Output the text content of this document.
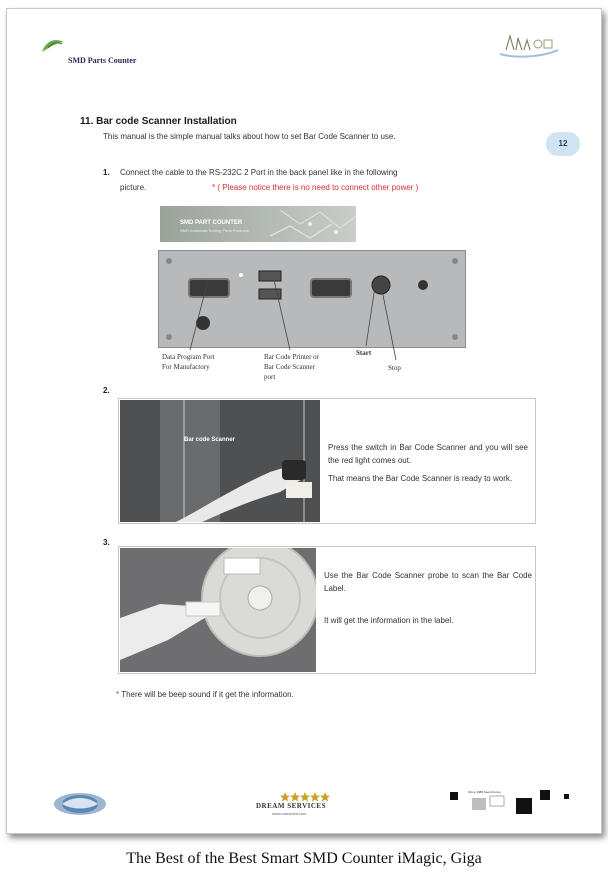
SMD Parts Counter
11. Bar code Scanner Installation
This manual is the simple manual talks about how to set Bar Code Scanner to use.
12
1. Connect the cable to the RS-232C 2 Port in the back panel like in the following
picture.	* ( Please notice there is no need to connect other power )
SMD PART COUNTER
SMD Automatic Sorting Parts Products
Data Program Port
For Manufactory
Bar Code Printer or
Bar Code Scanner
port
Start
Stop
2.
Bar code Scanner
Press the switch in Bar Code Scanner and you will see the red light comes out.
That means the Bar Code Scanner is ready to work.
3.
Use the Bar Code Scanner probe to scan the Bar Code Label.
It will get the information in the label.
* There will be beep sound if it get the information.
DREAM SERVICES
www.namsoint.com
Since 1989 Seoul Korea
The Best of the Best Smart SMD Counter iMagic, Giga
